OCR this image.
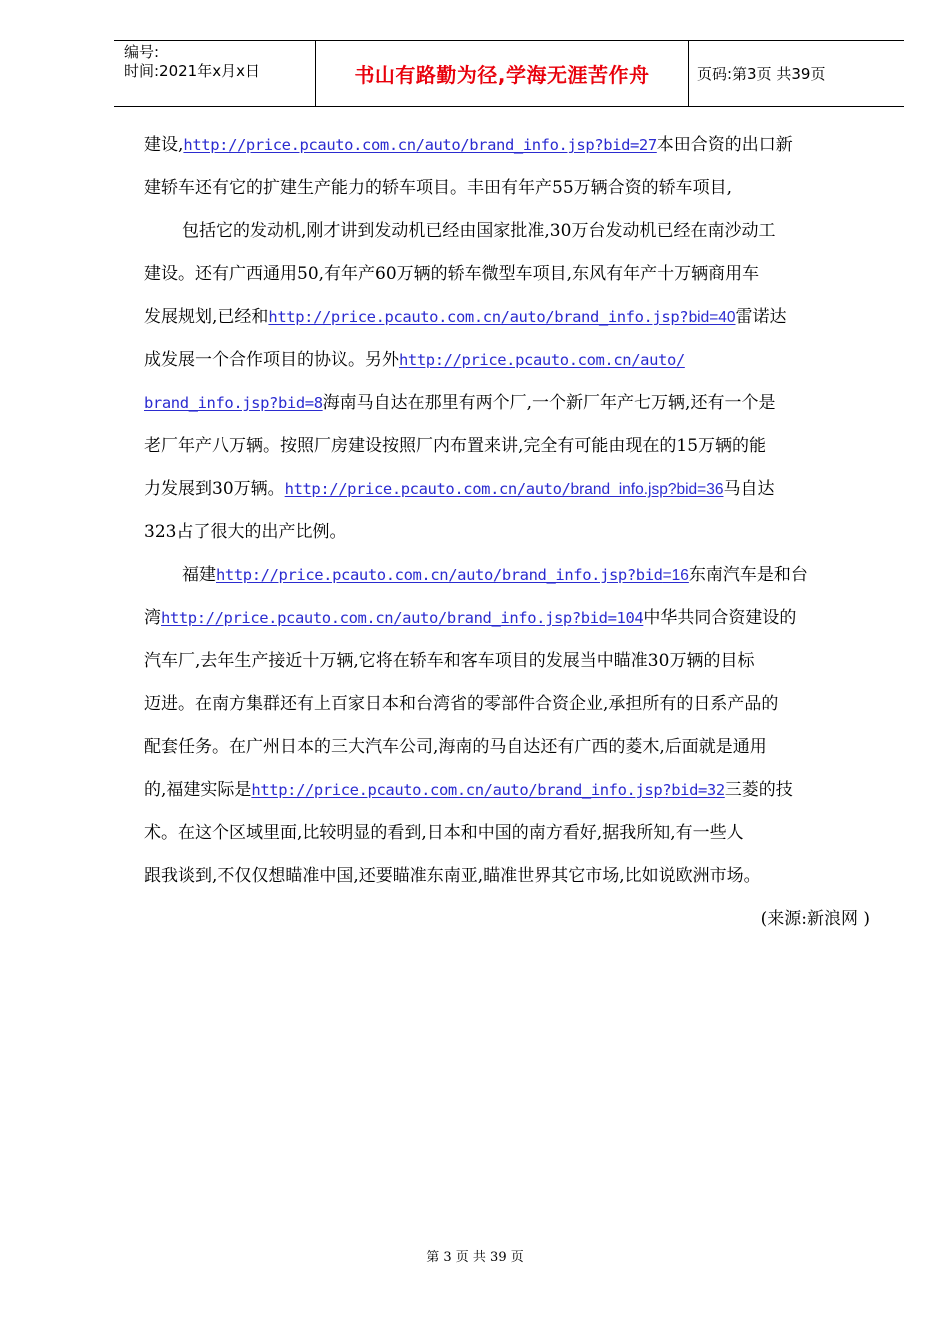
编号:
时间:2021年x月x日	书山有路勤为径,学海无涯苦作舟	页码:第3页 共39页
建设,http://price.pcauto.com.cn/auto/brand_info.jsp?bid=27本田合资的出口新
建轿车还有它的扩建生产能力的轿车项目。丰田有年产55万辆合资的轿车项目,
包括它的发动机,刚才讲到发动机已经由国家批准,30万台发动机已经在南沙动工
建设。还有广西通用50,有年产60万辆的轿车微型车项目,东风有年产十万辆商用车
发展规划,已经和http://price.pcauto.com.cn/auto/brand_info.jsp?bid=40雷诺达
成发展一个合作项目的协议。另外http://price.pcauto.com.cn/auto/
brand_info.jsp?bid=8海南马自达在那里有两个厂,一个新厂年产七万辆,还有一个是
老厂年产八万辆。按照厂房建设按照厂内布置来讲,完全有可能由现在的15万辆的能
力发展到30万辆。http://price.pcauto.com.cn/auto/brand_info.jsp?bid=36马自达
323占了很大的出产比例。
福建http://price.pcauto.com.cn/auto/brand_info.jsp?bid=16东南汽车是和台
湾http://price.pcauto.com.cn/auto/brand_info.jsp?bid=104中华共同合资建设的
汽车厂,去年生产接近十万辆,它将在轿车和客车项目的发展当中瞄准30万辆的目标
迈进。在南方集群还有上百家日本和台湾省的零部件合资企业,承担所有的日系产品的
配套任务。在广州日本的三大汽车公司,海南的马自达还有广西的菱木,后面就是通用
的,福建实际是http://price.pcauto.com.cn/auto/brand_info.jsp?bid=32三菱的技
术。在这个区域里面,比较明显的看到,日本和中国的南方看好,据我所知,有一些人
跟我谈到,不仅仅想瞄准中国,还要瞄准东南亚,瞄准世界其它市场,比如说欧洲市场。
(来源:新浪网 )
第 3 页 共 39 页
